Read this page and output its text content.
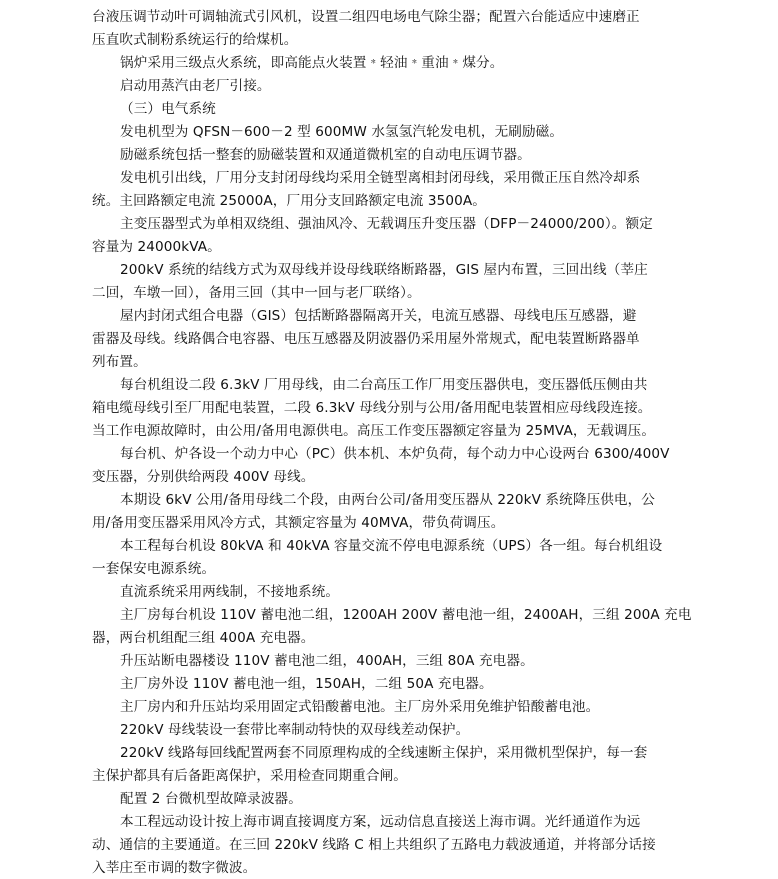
台液压调节动叶可调轴流式引风机，设置二组四电场电气除尘器；配置六台能适应中速磨正
压直吹式制粉系统运行的给煤机。
锅炉采用三级点火系统，即高能点火装置﹡轻油﹡重油﹡煤分。
启动用蒸汽由老厂引接。
（三）电气系统
发电机型为 QFSN－600－2 型 600MW 水氢氢汽轮发电机，无刷励磁。
励磁系统包括一整套的励磁装置和双通道微机室的自动电压调节器。
发电机引出线，厂用分支封闭母线均采用全链型离相封闭母线，采用微正压自然冷却系
统。主回路额定电流 25000A，厂用分支回路额定电流 3500A。
主变压器型式为单相双绕组、强油风冷、无载调压升变压器（DFP－24000/200）。额定
容量为 24000kVA。
200kV 系统的结线方式为双母线并设母线联络断路器，GIS 屋内布置，三回出线（莘庄
二回，车墩一回），备用三回（其中一回与老厂联络）。
屋内封闭式组合电器（GIS）包括断路器隔离开关，电流互感器、母线电压互感器，避
雷器及母线。线路偶合电容器、电压互感器及阴波器仍采用屋外常规式，配电装置断路器单
列布置。
每台机组设二段 6.3kV 厂用母线，由二台高压工作厂用变压器供电，变压器低压侧由共
箱电缆母线引至厂用配电装置，二段 6.3kV 母线分别与公用/备用配电装置相应母线段连接。
当工作电源故障时，由公用/备用电源供电。高压工作变压器额定容量为 25MVA，无载调压。
每台机、炉各设一个动力中心（PC）供本机、本炉负荷，每个动力中心设两台 6300/400V
变压器，分别供给两段 400V 母线。
本期设 6kV 公用/备用母线二个段，由两台公司/备用变压器从 220kV 系统降压供电，公
用/备用变压器采用风冷方式，其额定容量为 40MVA，带负荷调压。
本工程每台机设 80kVA 和 40kVA 容量交流不停电电源系统（UPS）各一组。每台机组设
一套保安电源系统。
直流系统采用两线制，不接地系统。
主厂房每台机设 110V 蓄电池二组，1200AH 200V 蓄电池一组，2400AH，三组 200A 充电
器，两台机组配三组 400A 充电器。
升压站断电器楼设 110V 蓄电池二组，400AH，三组 80A 充电器。
主厂房外设 110V 蓄电池一组，150AH，二组 50A 充电器。
主厂房内和升压站均采用固定式铅酸蓄电池。主厂房外采用免维护铅酸蓄电池。
220kV 母线装设一套带比率制动特快的双母线差动保护。
220kV 线路每回线配置两套不同原理构成的全线速断主保护，采用微机型保护，每一套
主保护都具有后备距离保护，采用检查同期重合闸。
配置 2 台微机型故障录波器。
本工程远动设计按上海市调直接调度方案，远动信息直接送上海市调。光纤通道作为远
动、通信的主要通道。在三回 220kV 线路 C 相上共组织了五路电力载波通道，并将部分话接
入莘庄至市调的数字微波。
